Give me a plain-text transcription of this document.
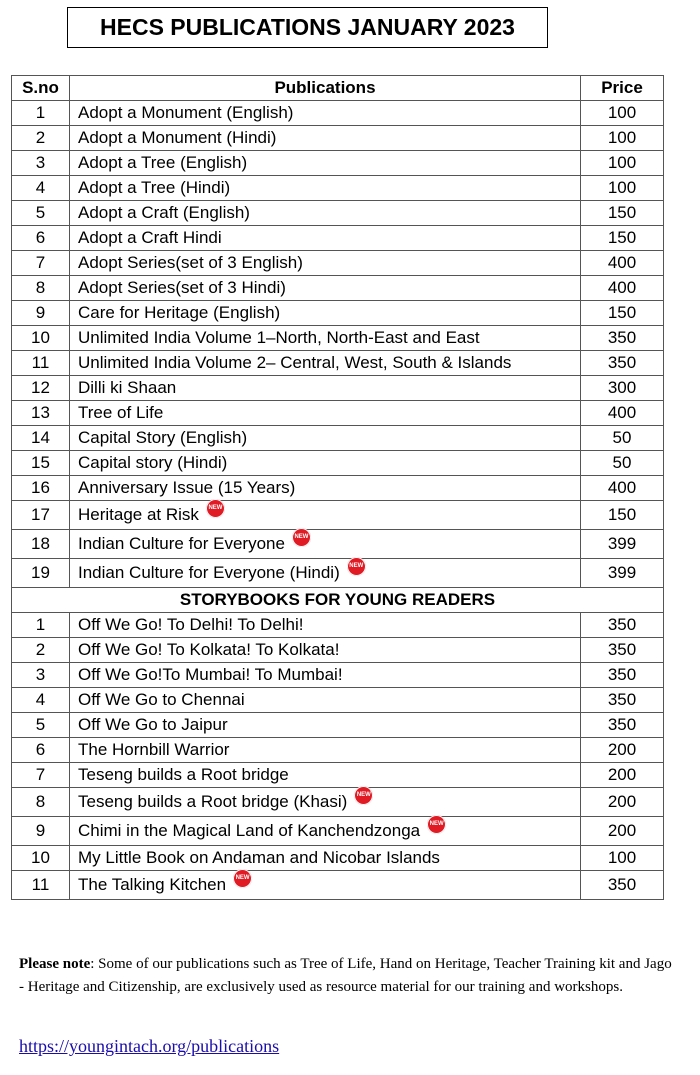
HECS PUBLICATIONS JANUARY 2023
S.no	Publications	Price
1	Adopt a Monument (English)	100
2	Adopt a Monument (Hindi)	100
3	Adopt a Tree (English)	100
4	Adopt a Tree (Hindi)	100
5	Adopt a Craft (English)	150
6	Adopt a Craft Hindi	150
7	Adopt Series(set of 3 English)	400
8	Adopt Series(set of 3 Hindi)	400
9	Care for Heritage (English)	150
10	Unlimited India Volume 1–North, North-East and East	350
11	Unlimited India Volume 2– Central, West, South & Islands	350
12	Dilli ki Shaan	300
13	Tree of Life	400
14	Capital Story (English)	50
15	Capital story (Hindi)	50
16	Anniversary Issue (15 Years)	400
17	Heritage at Risk NEW	150
18	Indian Culture for Everyone NEW	399
19	Indian Culture for Everyone (Hindi) NEW	399
STORYBOOKS FOR YOUNG READERS		
1	Off We Go! To Delhi! To Delhi!	350
2	Off We Go! To Kolkata! To Kolkata!	350
3	Off We Go!To Mumbai! To Mumbai!	350
4	Off We Go to Chennai	350
5	Off We Go to Jaipur	350
6	The Hornbill Warrior	200
7	Teseng builds a Root bridge	200
8	Teseng builds a Root bridge (Khasi) NEW	200
9	Chimi in the Magical Land of Kanchendzonga NEW	200
10	My Little Book on Andaman and Nicobar Islands	100
11	The Talking Kitchen NEW	350
Please note: Some of our publications such as Tree of Life, Hand on Heritage, Teacher Training kit and Jago - Heritage and Citizenship, are exclusively used as resource material for our training and workshops.
https://youngintach.org/publications
